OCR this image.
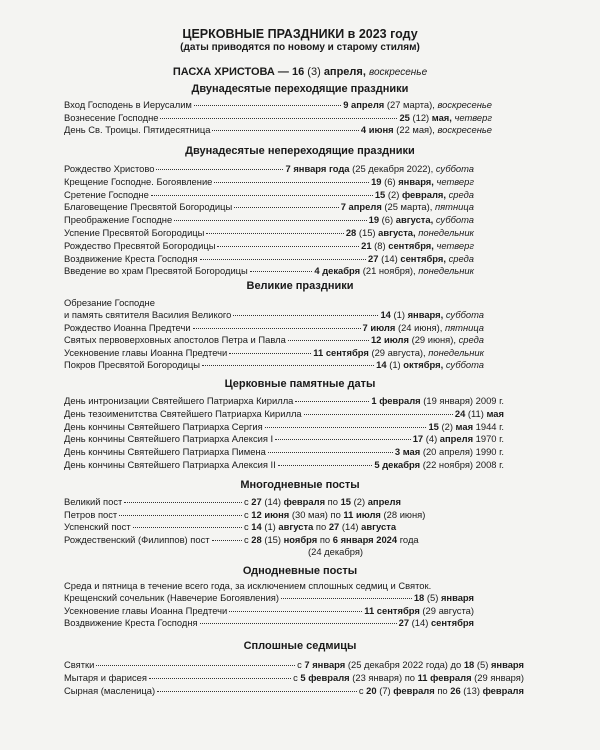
ЦЕРКОВНЫЕ ПРАЗДНИКИ в 2023 году
(даты приводятся по новому и старому стилям)
ПАСХА ХРИСТОВА — 16 (3) апреля, воскресенье
Двунадесятые переходящие праздники
Вход Господень в Иерусалим	9 апреля (27 марта), воскресенье
Вознесение Господне	25 (12) мая, четверг
День Св. Троицы. Пятидесятница	4 июня (22 мая), воскресенье
Двунадесятые непереходящие праздники
Рождество Христово	7 января года (25 декабря 2022), суббота
Крещение Господне. Богоявление	19 (6) января, четверг
Сретение Господне	15 (2) февраля, среда
Благовещение Пресвятой Богородицы	7 апреля (25 марта), пятница
Преображение Господне	19 (6) августа, суббота
Успение Пресвятой Богородицы	28 (15) августа, понедельник
Рождество Пресвятой Богородицы	21 (8) сентября, четверг
Воздвижение Креста Господня	27 (14) сентября, среда
Введение во храм Пресвятой Богородицы	4 декабря (21 ноября), понедельник
Великие праздники
Обрезание Господне
и память святителя Василия Великого	14 (1) января, суббота
Рождество Иоанна Предтечи	7 июля (24 июня), пятница
Святых первоверховных апостолов Петра и Павла	12 июля (29 июня), среда
Усекновение главы Иоанна Предтечи	11 сентября (29 августа), понедельник
Покров Пресвятой Богородицы	14 (1) октября, суббота
Церковные памятные даты
День интронизации Святейшего Патриарха Кирилла	1 февраля (19 января) 2009 г.
День тезоименитства Святейшего Патриарха Кирилла	24 (11) мая
День кончины Святейшего Патриарха Сергия	15 (2) мая 1944 г.
День кончины Святейшего Патриарха Алексия I	17 (4) апреля 1970 г.
День кончины Святейшего Патриарха Пимена	3 мая (20 апреля) 1990 г.
День кончины Святейшего Патриарха Алексия II	5 декабря (22 ноября) 2008 г.
Многодневные посты
Великий пост	с 27 (14) февраля по 15 (2) апреля
Петров пост	с 12 июня (30 мая) по 11 июля (28 июня)
Успенский пост	с 14 (1) августа по 27 (14) августа
Рождественский (Филиппов) пост	с 28 (15) ноября по 6 января 2024 года
(24 декабря)
Однодневные посты
Среда и пятница в течение всего года, за исключением сплошных седмиц и Святок.
Крещенский сочельник (Навечерие Богоявления)	18 (5) января
Усекновение главы Иоанна Предтечи	11 сентября (29 августа)
Воздвижение Креста Господня	27 (14) сентября
Сплошные седмицы
Святки	с 7 января (25 декабря 2022 года) до 18 (5) января
Мытаря и фарисея	с 5 февраля (23 января) по 11 февраля (29 января)
Сырная (масленица)	с 20 (7) февраля по 26 (13) февраля
